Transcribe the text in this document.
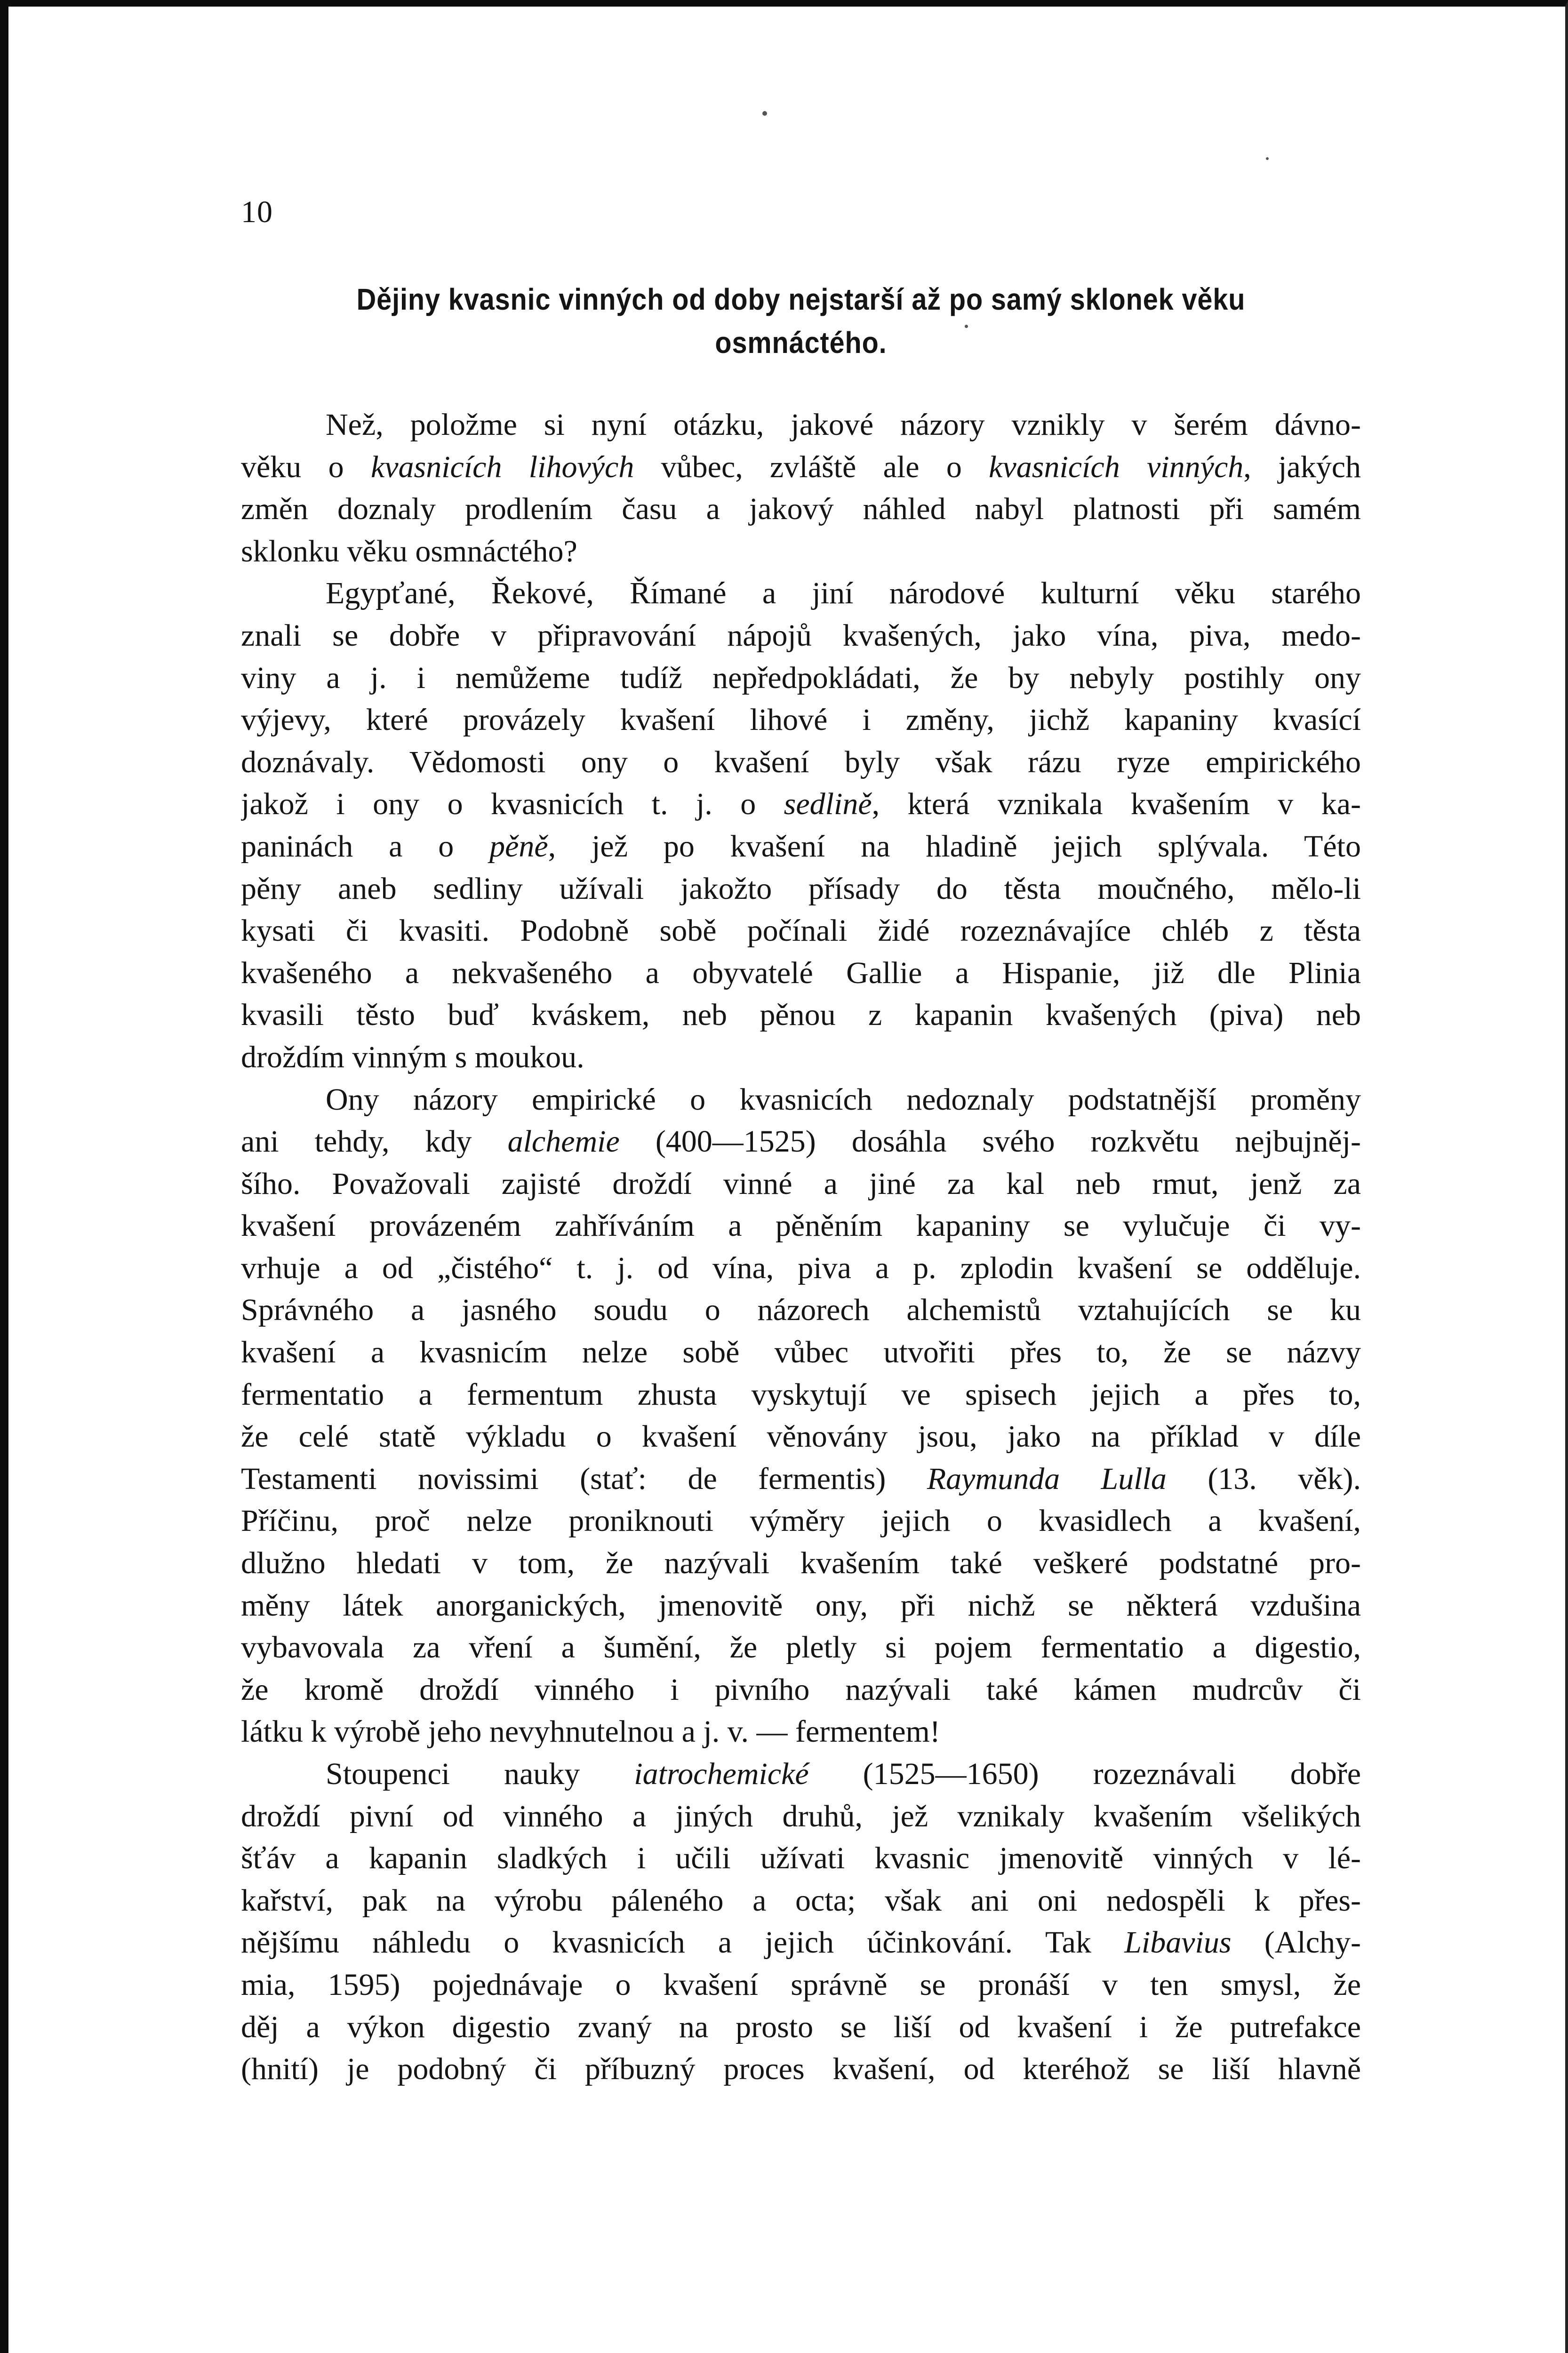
10
Dějiny kvasnic vinných od doby nejstarší až po samý sklonek věku
osmnáctého.
Než, položme si nyní otázku, jakové názory vznikly v šerém dávno-
věku o kvasnicích lihových vůbec, zvláště ale o kvasnicích vinných, jakých
změn doznaly prodlením času a jakový náhled nabyl platnosti při samém
sklonku věku osmnáctého?
Egypťané, Řekové, Římané a jiní národové kulturní věku starého
znali se dobře v připravování nápojů kvašených, jako vína, piva, medo-
viny a j. i nemůžeme tudíž nepředpokládati, že by nebyly postihly ony
výjevy, které provázely kvašení lihové i změny, jichž kapaniny kvasící
doznávaly. Vědomosti ony o kvašení byly však rázu ryze empirického
jakož i ony o kvasnicích t. j. o sedlině, která vznikala kvašením v ka-
paninách a o pěně, jež po kvašení na hladině jejich splývala. Této
pěny aneb sedliny užívali jakožto přísady do těsta moučného, mělo-li
kysati či kvasiti. Podobně sobě počínali židé rozeznávajíce chléb z těsta
kvašeného a nekvašeného a obyvatelé Gallie a Hispanie, již dle Plinia
kvasili těsto buď kváskem, neb pěnou z kapanin kvašených (piva) neb
droždím vinným s moukou.
Ony názory empirické o kvasnicích nedoznaly podstatnější proměny
ani tehdy, kdy alchemie (400—1525) dosáhla svého rozkvětu nejbujněj-
šího. Považovali zajisté droždí vinné a jiné za kal neb rmut, jenž za
kvašení provázeném zahříváním a pěněním kapaniny se vylučuje či vy-
vrhuje a od „čistého“ t. j. od vína, piva a p. zplodin kvašení se odděluje.
Správného a jasného soudu o názorech alchemistů vztahujících se ku
kvašení a kvasnicím nelze sobě vůbec utvořiti přes to, že se názvy
fermentatio a fermentum zhusta vyskytují ve spisech jejich a přes to,
že celé statě výkladu o kvašení věnovány jsou, jako na příklad v díle
Testamenti novissimi (stať: de fermentis) Raymunda Lulla (13. věk).
Příčinu, proč nelze proniknouti výměry jejich o kvasidlech a kvašení,
dlužno hledati v tom, že nazývali kvašením také veškeré podstatné pro-
měny látek anorganických, jmenovitě ony, při nichž se některá vzdušina
vybavovala za vření a šumění, že pletly si pojem fermentatio a digestio,
že kromě droždí vinného i pivního nazývali také kámen mudrcův či
látku k výrobě jeho nevyhnutelnou a j. v. — fermentem!
Stoupenci nauky iatrochemické (1525—1650) rozeznávali dobře
droždí pivní od vinného a jiných druhů, jež vznikaly kvašením všelikých
šťáv a kapanin sladkých i učili užívati kvasnic jmenovitě vinných v lé-
kařství, pak na výrobu páleného a octa; však ani oni nedospěli k přes-
nějšímu náhledu o kvasnicích a jejich účinkování. Tak Libavius (Alchy-
mia, 1595) pojednávaje o kvašení správně se pronáší v ten smysl, že
děj a výkon digestio zvaný na prosto se liší od kvašení i že putrefakce
(hnití) je podobný či příbuzný proces kvašení, od kteréhož se liší hlavně
